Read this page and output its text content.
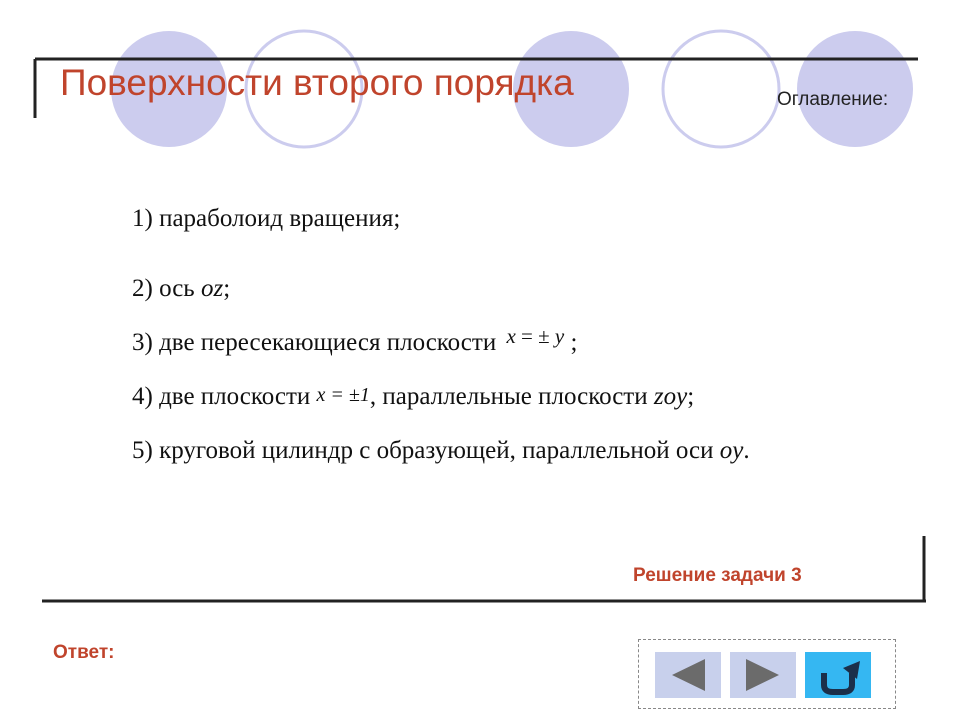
Поверхности второго порядка	Оглавление:
1) параболоид вращения;
2) ось oz;
3) две пересекающиеся плоскости x = ± y ;
4) две плоскости x = ±1, параллельные плоскости zoy;
5) круговой цилиндр с образующей, параллельной оси oy.
Решение задачи 3
Ответ:
